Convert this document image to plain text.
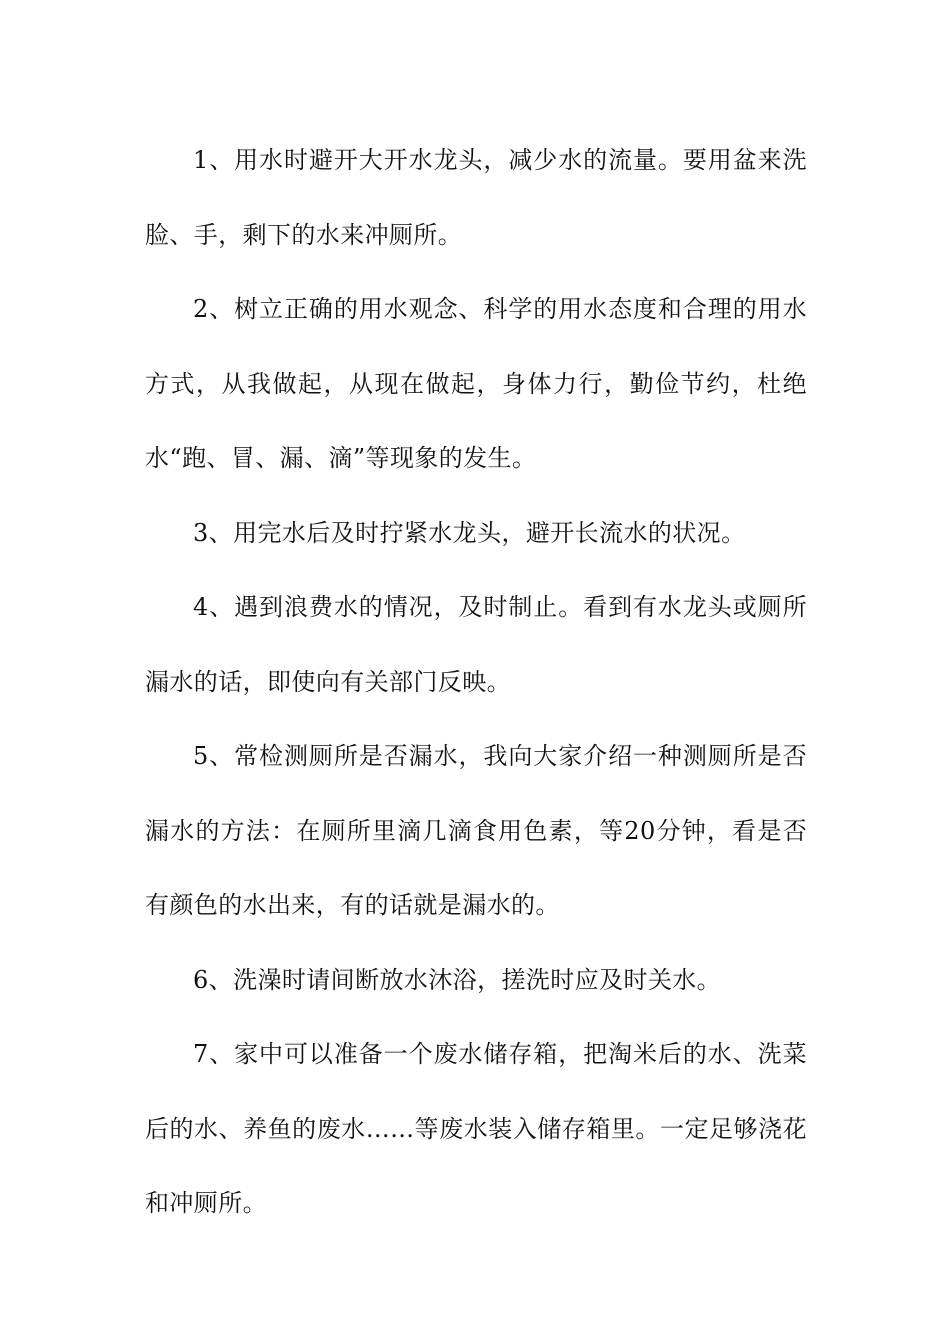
1、用水时避开大开水龙头，减少水的流量。要用盆来洗脸、手，剩下的水来冲厕所。

2、树立正确的用水观念、科学的用水态度和合理的用水方式，从我做起，从现在做起，身体力行，勤俭节约，杜绝水“跑、冒、漏、滴”等现象的发生。

3、用完水后及时拧紧水龙头，避开长流水的状况。

4、遇到浪费水的情况，及时制止。看到有水龙头或厕所漏水的话，即使向有关部门反映。

5、常检测厕所是否漏水，我向大家介绍一种测厕所是否漏水的方法：在厕所里滴几滴食用色素，等20分钟，看是否有颜色的水出来，有的话就是漏水的。

6、洗澡时请间断放水沐浴，搓洗时应及时关水。

7、家中可以准备一个废水储存箱，把淘米后的水、洗菜后的水、养鱼的废水……等废水装入储存箱里。一定足够浇花和冲厕所。
